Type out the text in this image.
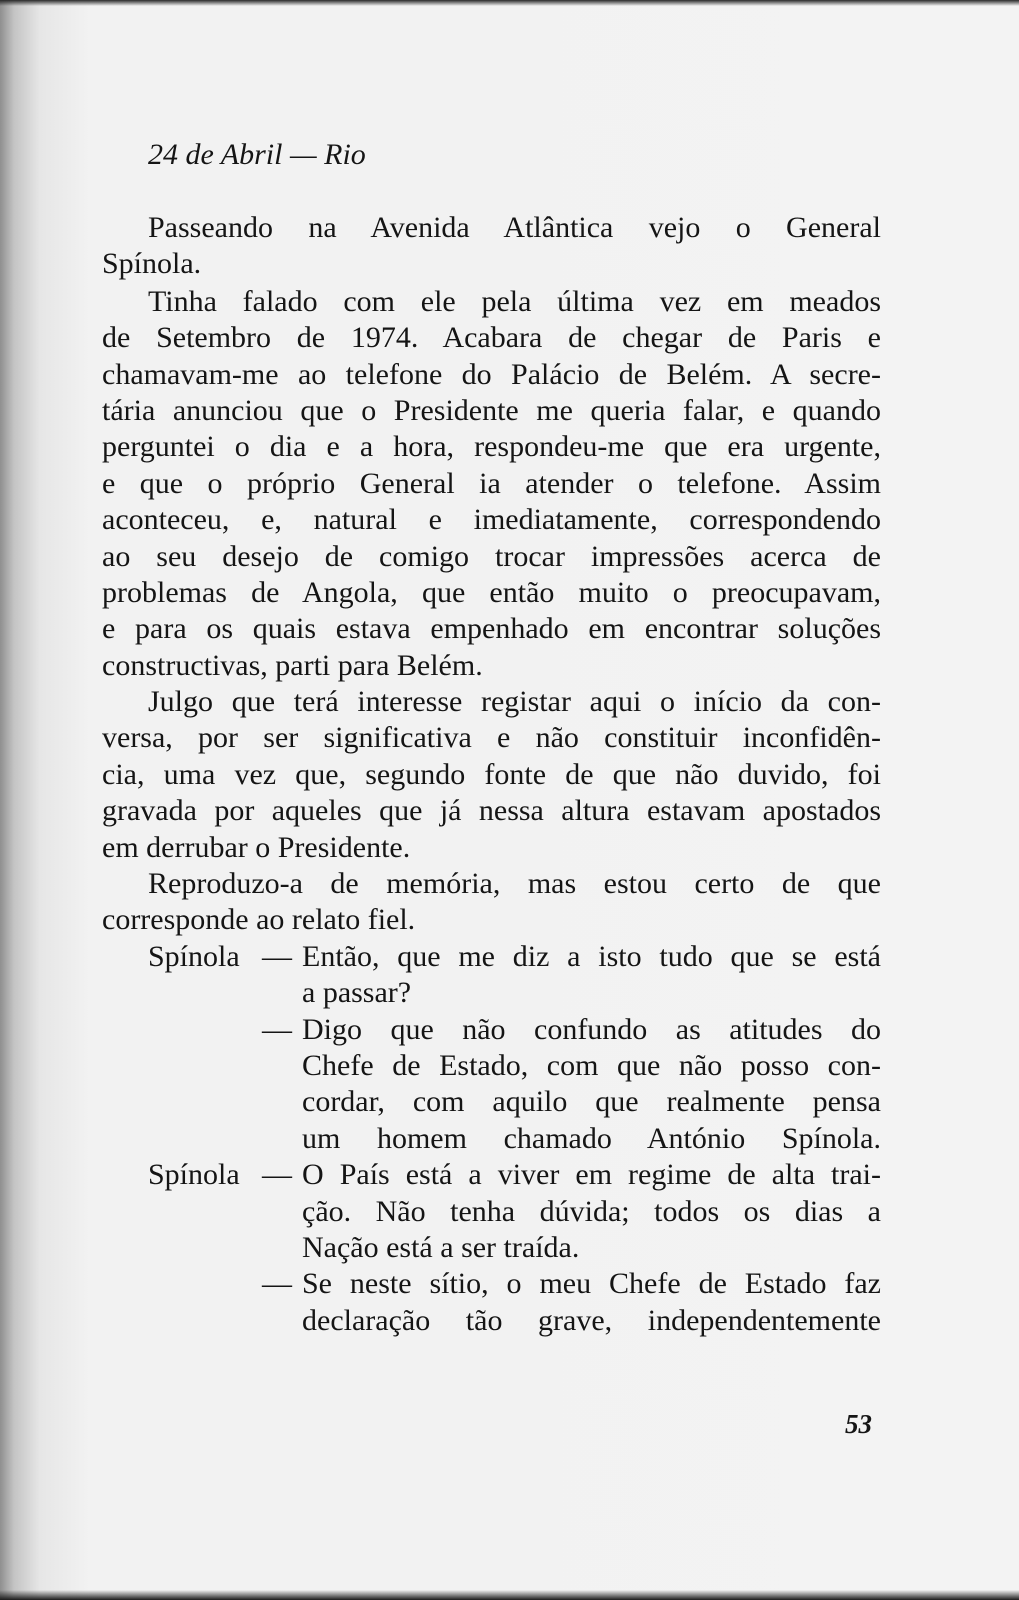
24 de Abril — Rio
Passeando na Avenida Atlântica vejo o General
Spínola.
Tinha falado com ele pela última vez em meados
de Setembro de 1974. Acabara de chegar de Paris e
chamavam-me ao telefone do Palácio de Belém. A secre-
tária anunciou que o Presidente me queria falar, e quando
perguntei o dia e a hora, respondeu-me que era urgente,
e que o próprio General ia atender o telefone. Assim
aconteceu, e, natural e imediatamente, correspondendo
ao seu desejo de comigo trocar impressões acerca de
problemas de Angola, que então muito o preocupavam,
e para os quais estava empenhado em encontrar soluções
constructivas, parti para Belém.
Julgo que terá interesse registar aqui o início da con-
versa, por ser significativa e não constituir inconfidên-
cia, uma vez que, segundo fonte de que não duvido, foi
gravada por aqueles que já nessa altura estavam apostados
em derrubar o Presidente.
Reproduzo-a de memória, mas estou certo de que
corresponde ao relato fiel.
Spínola — Então, que me diz a isto tudo que se está
a passar?
— Digo que não confundo as atitudes do
Chefe de Estado, com que não posso con-
cordar, com aquilo que realmente pensa
um homem chamado António Spínola.
Spínola — O País está a viver em regime de alta trai-
ção. Não tenha dúvida; todos os dias a
Nação está a ser traída.
— Se neste sítio, o meu Chefe de Estado faz
declaração tão grave, independentemente
53
